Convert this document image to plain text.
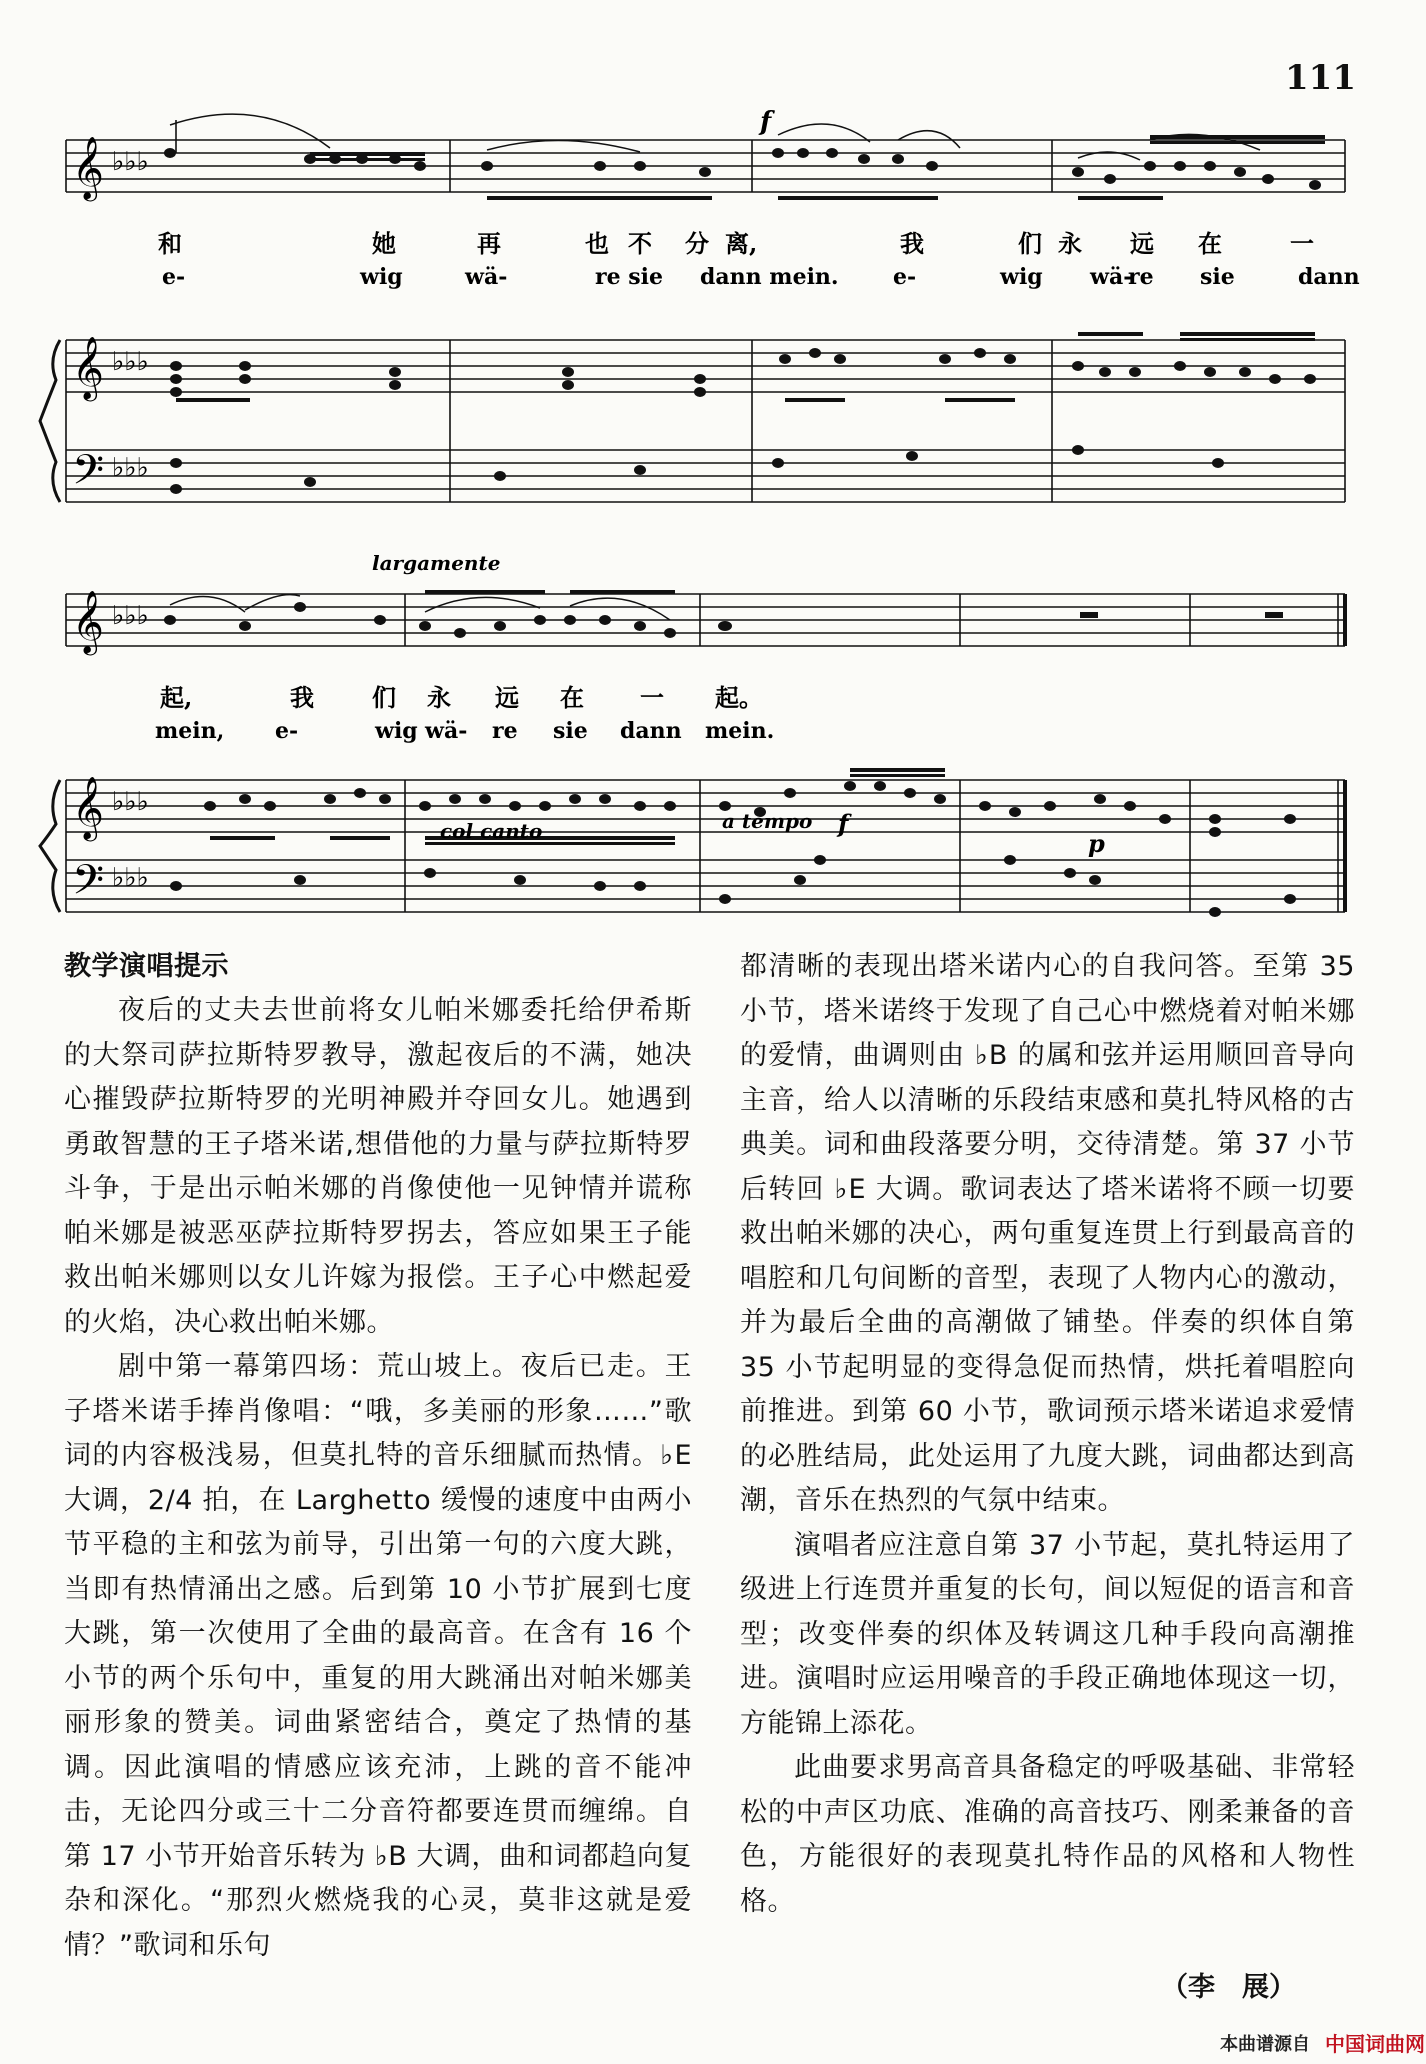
111
𝄞 ♭♭♭
f
和	她	再	也 不 分 离,	我	们 永 远 在	一
e-	wig	wä-	re sie dann mein. e-	wig wä-
re sie	dann
𝄞 ♭♭♭
𝄢 ♭♭♭
largamente
𝄞 ♭♭♭
起,	我 们 永 远 在 一 起。
mein, e-	wig wä- re sie dann mein.
𝄞 ♭♭♭
𝄢 ♭♭♭
col canto	a tempo f
p
教学演唱提示

夜后的丈夫去世前将女儿帕米娜委托给伊希斯的大祭司萨拉斯特罗教导，激起夜后的不满，她决心摧毁萨拉斯特罗的光明神殿并夺回女儿。她遇到勇敢智慧的王子塔米诺,想借他的力量与萨拉斯特罗斗争，于是出示帕米娜的肖像使他一见钟情并谎称帕米娜是被恶巫萨拉斯特罗拐去，答应如果王子能救出帕米娜则以女儿许嫁为报偿。王子心中燃起爱的火焰，决心救出帕米娜。

剧中第一幕第四场：荒山坡上。夜后已走。王子塔米诺手捧肖像唱：“哦，多美丽的形象……”歌词的内容极浅易，但莫扎特的音乐细腻而热情。♭E 大调，2/4 拍，在 Larghetto 缓慢的速度中由两小节平稳的主和弦为前导，引出第一句的六度大跳，当即有热情涌出之感。后到第 10 小节扩展到七度大跳，第一次使用了全曲的最高音。在含有 16 个小节的两个乐句中，重复的用大跳涌出对帕米娜美丽形象的赞美。词曲紧密结合，奠定了热情的基调。因此演唱的情感应该充沛，上跳的音不能冲击，无论四分或三十二分音符都要连贯而缠绵。自第 17 小节开始音乐转为 ♭B 大调，曲和词都趋向复杂和深化。“那烈火燃烧我的心灵，莫非这就是爱情？”歌词和乐句

都清晰的表现出塔米诺内心的自我问答。至第 35 小节，塔米诺终于发现了自己心中燃烧着对帕米娜的爱情，曲调则由 ♭B 的属和弦并运用顺回音导向主音，给人以清晰的乐段结束感和莫扎特风格的古典美。词和曲段落要分明，交待清楚。第 37 小节后转回 ♭E 大调。歌词表达了塔米诺将不顾一切要救出帕米娜的决心，两句重复连贯上行到最高音的唱腔和几句间断的音型，表现了人物内心的激动，并为最后全曲的高潮做了铺垫。伴奏的织体自第 35 小节起明显的变得急促而热情，烘托着唱腔向前推进。到第 60 小节，歌词预示塔米诺追求爱情的必胜结局，此处运用了九度大跳，词曲都达到高潮，音乐在热烈的气氛中结束。

演唱者应注意自第 37 小节起，莫扎特运用了级进上行连贯并重复的长句，间以短促的语言和音型；改变伴奏的织体及转调这几种手段向高潮推进。演唱时应运用噪音的手段正确地体现这一切，方能锦上添花。

此曲要求男高音具备稳定的呼吸基础、非常轻松的中声区功底、准确的高音技巧、刚柔兼备的音色，方能很好的表现莫扎特作品的风格和人物性格。

（李　展）
本曲谱源自 中国词曲网
